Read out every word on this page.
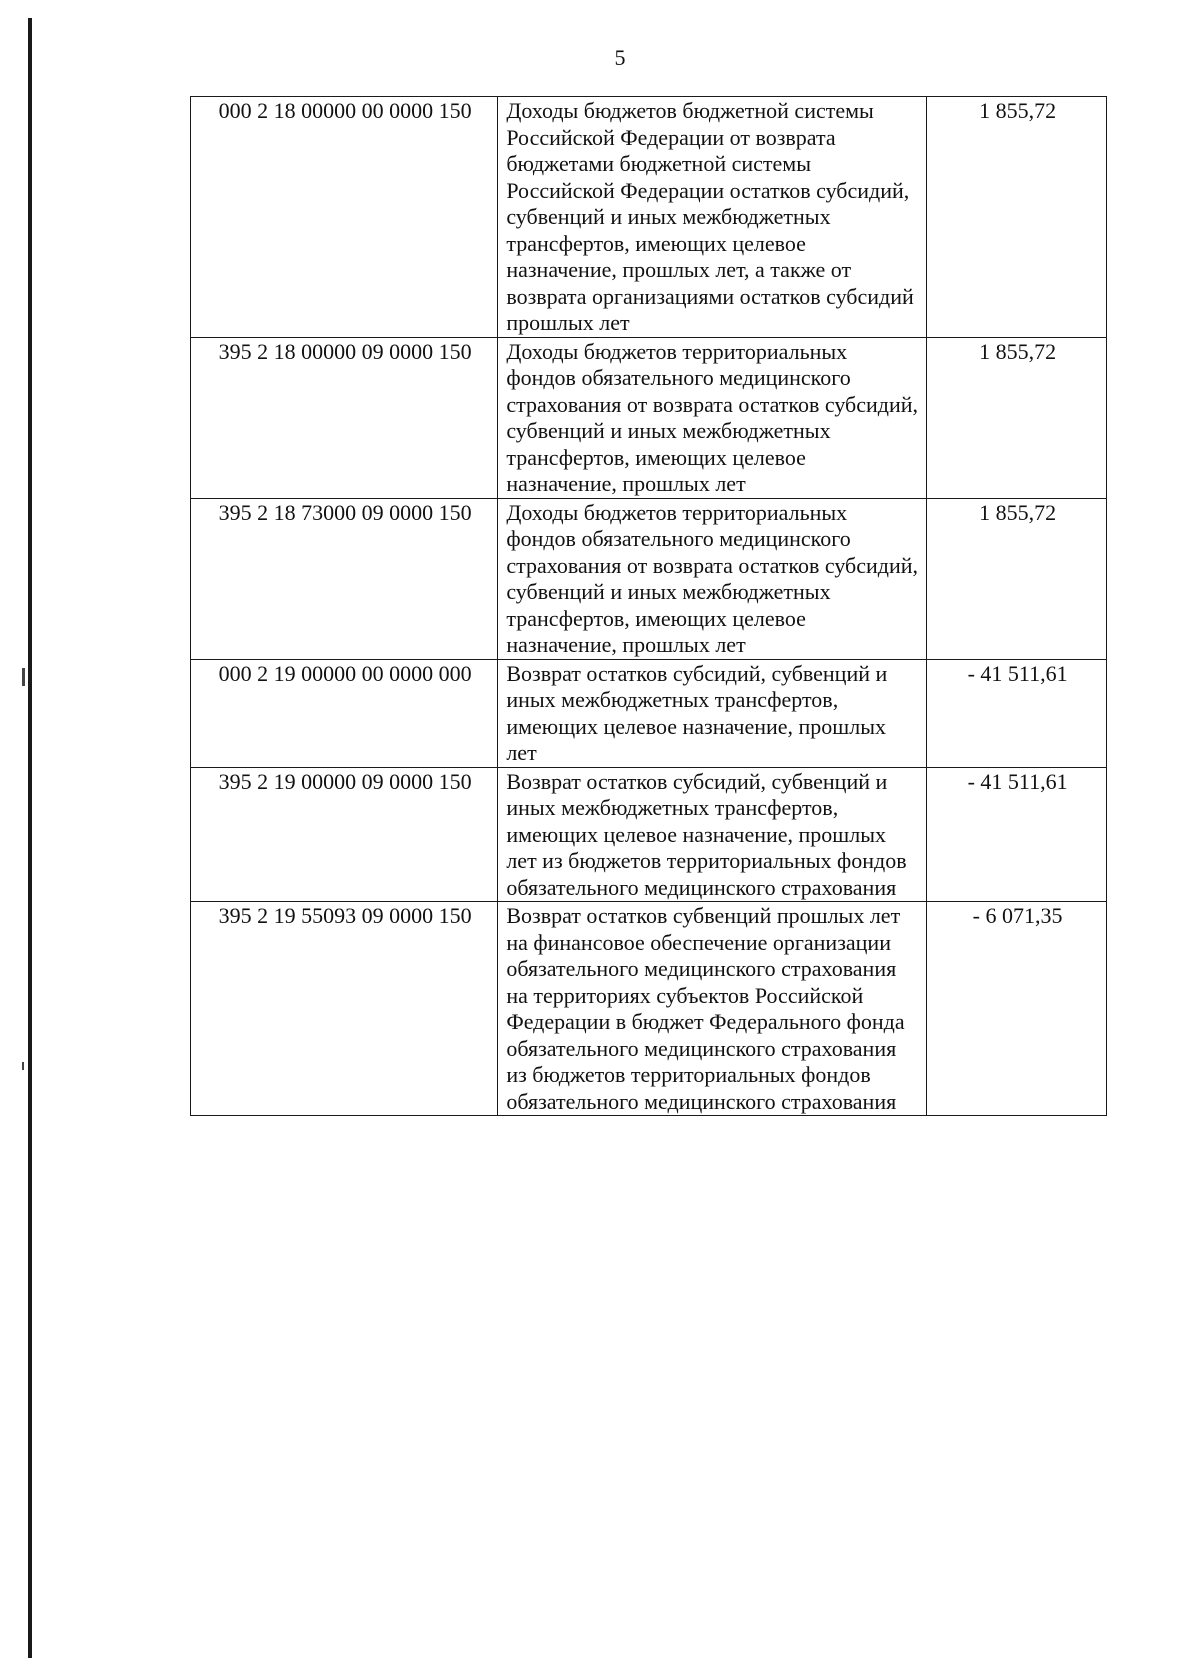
5
000 2 18 00000 00 0000 150	Доходы бюджетов бюджетной системы Российской Федерации от возврата бюджетами бюджетной системы Российской Федерации остатков субсидий, субвенций и иных межбюджетных трансфертов, имеющих целевое назначение, прошлых лет, а также от возврата организациями остатков субсидий прошлых лет	1 855,72
395 2 18 00000 09 0000 150	Доходы бюджетов территориальных фондов обязательного медицинского страхования от возврата остатков субсидий, субвенций и иных межбюджетных трансфертов, имеющих целевое назначение, прошлых лет	1 855,72
395 2 18 73000 09 0000 150	Доходы бюджетов территориальных фондов обязательного медицинского страхования от возврата остатков субсидий, субвенций и иных межбюджетных трансфертов, имеющих целевое назначение, прошлых лет	1 855,72
000 2 19 00000 00 0000 000	Возврат остатков субсидий, субвенций и иных межбюджетных трансфертов, имеющих целевое назначение, прошлых лет	- 41 511,61
395 2 19 00000 09 0000 150	Возврат остатков субсидий, субвенций и иных межбюджетных трансфертов, имеющих целевое назначение, прошлых лет из бюджетов территориальных фондов обязательного медицинского страхования	- 41 511,61
395 2 19 55093 09 0000 150	Возврат остатков субвенций прошлых лет на финансовое обеспечение организации обязательного медицинского страхования на территориях субъектов Российской Федерации в бюджет Федерального фонда обязательного медицинского страхования из бюджетов территориальных фондов обязательного медицинского страхования	- 6 071,35
